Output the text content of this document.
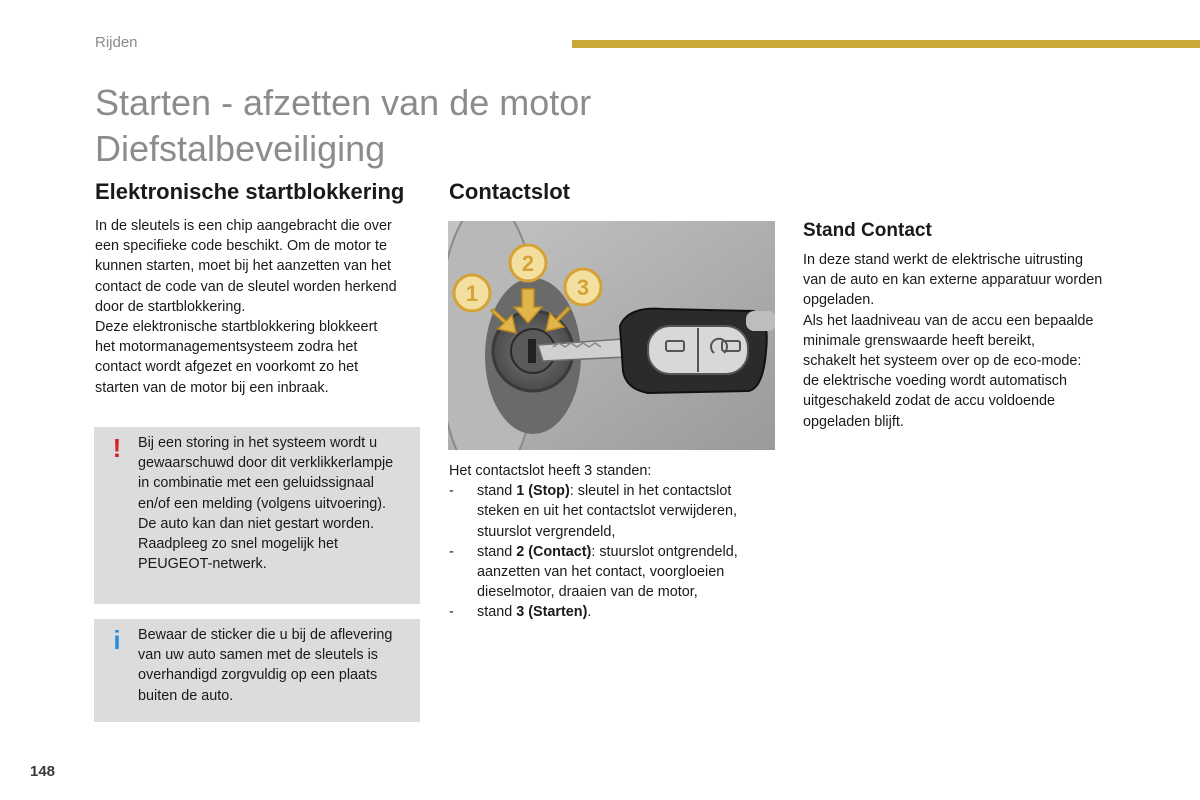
Rijden
Starten - afzetten van de motor
Diefstalbeveiliging
Elektronische startblokkering
In de sleutels is een chip aangebracht die over
een specifieke code beschikt. Om de motor te
kunnen starten, moet bij het aanzetten van het
contact de code van de sleutel worden herkend
door de startblokkering.
Deze elektronische startblokkering blokkeert
het motormanagementsysteem zodra het
contact wordt afgezet en voorkomt zo het
starten van de motor bij een inbraak.
!	Bij een storing in het systeem wordt u
gewaarschuwd door dit verklikkerlampje
in combinatie met een geluidssignaal
en/of een melding (volgens uitvoering).
De auto kan dan niet gestart worden.
Raadpleeg zo snel mogelijk het
PEUGEOT-netwerk.
i	Bewaar de sticker die u bij de aflevering
van uw auto samen met de sleutels is
overhandigd zorgvuldig op een plaats
buiten de auto.
Contactslot
1
2
3
Het contactslot heeft 3 standen:
- stand 1 (Stop): sleutel in het contactslot
steken en uit het contactslot verwijderen,
stuurslot vergrendeld,
- stand 2 (Contact): stuurslot ontgrendeld,
aanzetten van het contact, voorgloeien
dieselmotor, draaien van de motor,
- stand 3 (Starten).
Stand Contact
In deze stand werkt de elektrische uitrusting
van de auto en kan externe apparatuur worden
opgeladen.
Als het laadniveau van de accu een bepaalde
minimale grenswaarde heeft bereikt,
schakelt het systeem over op de eco-mode:
de elektrische voeding wordt automatisch
uitgeschakeld zodat de accu voldoende
opgeladen blijft.
148
